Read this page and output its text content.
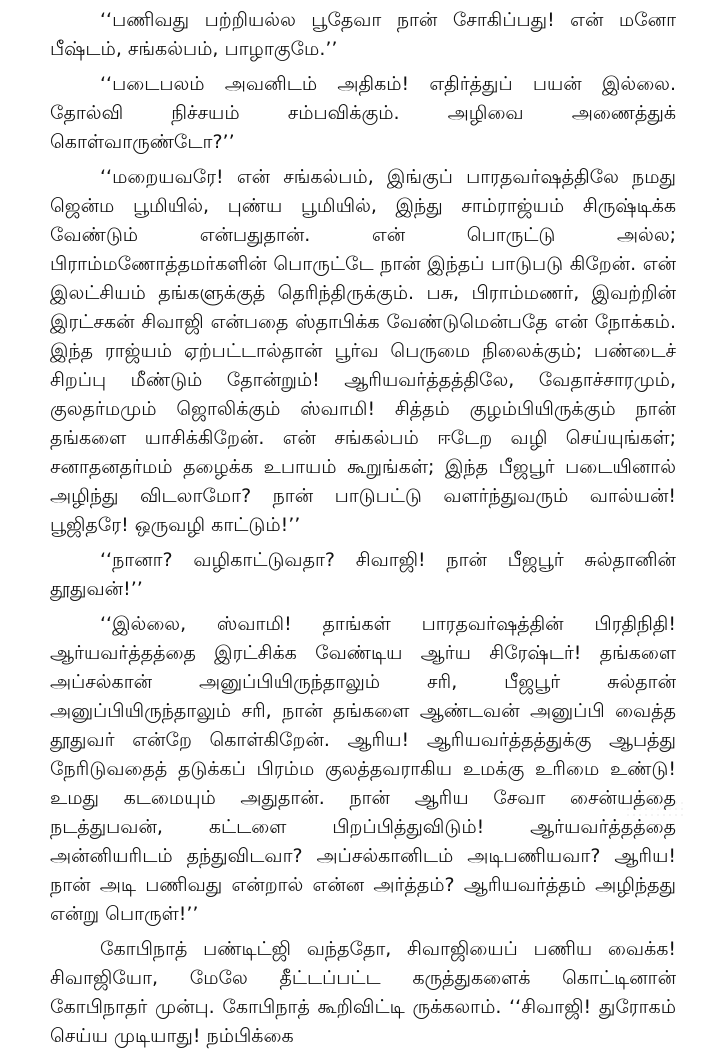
‘‘பணிவது பற்றியல்ல பூதேவா நான் சோகிப்பது! என் மனோ பீஷ்டம், சங்கல்பம், பாழாகுமே.’’

‘‘படைபலம் அவனிடம் அதிகம்! எதிர்த்துப் பயன் இல்லை. தோல்வி நிச்சயம் சம்பவிக்கும். அழிவை அணைத்துக் கொள்வாருண்டோ?’’

‘‘மறையவரே! என் சங்கல்பம், இங்குப் பாரதவர்ஷத்திலே நமது ஜென்ம பூமியில், புண்ய பூமியில், இந்து சாம்ராஜ்யம் சிருஷ்டிக்க வேண்டும் என்பதுதான். என் பொருட்டு அல்ல; பிராம்மணோத்தமர்களின் பொருட்டே நான் இந்தப் பாடுபடு கிறேன். என் இலட்சியம் தங்களுக்குத் தெரிந்திருக்கும். பசு, பிராம்மணர், இவற்றின் இரட்சகன் சிவாஜி என்பதை ஸ்தாபிக்க வேண்டுமென்பதே என் நோக்கம். இந்த ராஜ்யம் ஏற்பட்டால்தான் பூர்வ பெருமை நிலைக்கும்; பண்டைச் சிறப்பு மீண்டும் தோன்றும்! ஆரியவர்த்தத்திலே, வேதாச்சாரமும், குலதர்மமும் ஜொலிக்கும் ஸ்வாமி! சித்தம் குழம்பியிருக்கும் நான் தங்களை யாசிக்கிறேன். என் சங்கல்பம் ஈடேற வழி செய்யுங்கள்; சனாதனதர்மம் தழைக்க உபாயம் கூறுங்கள்; இந்த பீஜபூர் படையினால் அழிந்து விடலாமோ? நான் பாடுபட்டு வளர்ந்துவரும் வால்யன்! பூஜிதரே! ஒருவழி காட்டும்!’’

‘‘நானா? வழிகாட்டுவதா? சிவாஜி! நான் பீஜபூர் சுல்தானின் தூதுவன்!’’

‘‘இல்லை, ஸ்வாமி! தாங்கள் பாரதவர்ஷத்தின் பிரதிநிதி! ஆர்யவர்த்தத்தை இரட்சிக்க வேண்டிய ஆர்ய சிரேஷ்டர்! தங்களை அப்சல்கான் அனுப்பியிருந்தாலும் சரி, பீஜபூர் சுல்தான் அனுப்பியிருந்தாலும் சரி, நான் தங்களை ஆண்டவன் அனுப்பி வைத்த தூதுவர் என்றே கொள்கிறேன். ஆரிய! ஆரியவர்த்தத்துக்கு ஆபத்து நேரிடுவதைத் தடுக்கப் பிரம்ம குலத்தவராகிய உமக்கு உரிமை உண்டு! உமது கடமையும் அதுதான். நான் ஆரிய சேவா சைன்யத்தை நடத்துபவன், கட்டளை பிறப்பித்துவிடும்! ஆர்யவர்த்தத்தை அன்னியரிடம் தந்துவிடவா? அப்சல்கானிடம் அடிபணியவா? ஆரிய! நான் அடி பணிவது என்றால் என்ன அர்த்தம்? ஆரியவர்த்தம் அழிந்தது என்று பொருள்!’’

கோபிநாத் பண்டிட்ஜி வந்ததோ, சிவாஜியைப் பணிய வைக்க! சிவாஜியோ, மேலே தீட்டப்பட்ட கருத்துகளைக் கொட்டினான் கோபிநாதர் முன்பு. கோபிநாத் கூறிவிட்டி ருக்கலாம். ‘‘சிவாஜி! துரோகம் செய்ய முடியாது! நம்பிக்கை
